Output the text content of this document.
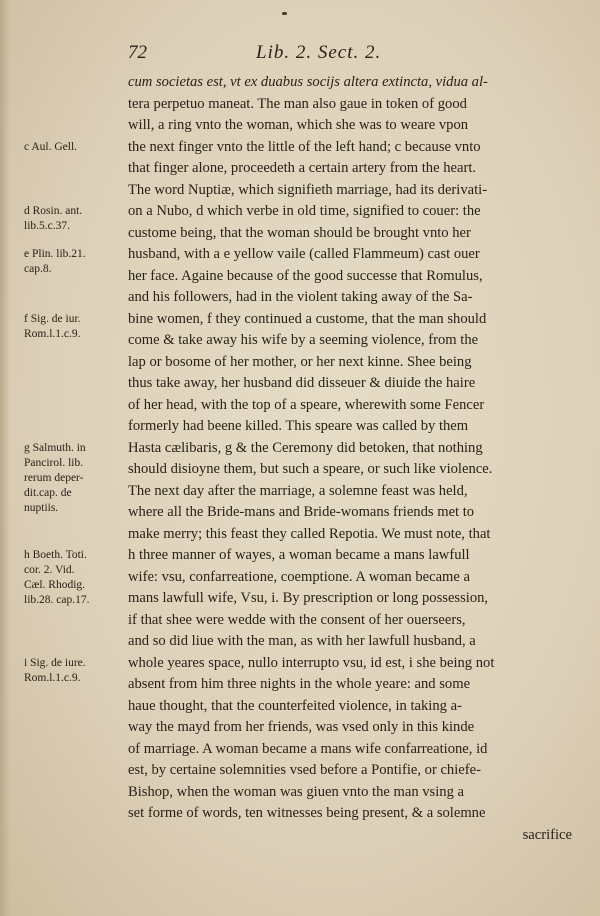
72	Lib. 2. Sect. 2.
c Aul. Gell.
d Rosin. ant.
lib.5.c.37.
e Plin. lib.21.
cap.8.
f Sig. de iur.
Rom.l.1.c.9.
g Salmuth. in
Pancirol. lib.
rerum deper-
dit.cap. de
nuptiis.
h Boeth. Toti.
cor. 2. Vid.
Cæl. Rhodig.
lib.28. cap.17.
i Sig. de iure.
Rom.l.1.c.9.
cum societas est, vt ex duabus socijs altera extincta, vidua al-
tera perpetuo maneat. The man also gaue in token of good
will, a ring vnto the woman, which she was to weare vpon
the next finger vnto the little of the left hand; c because vnto
that finger alone, proceedeth a certain artery from the heart.
The word Nuptiæ, which signifieth marriage, had its derivati-
on a Nubo, d which verbe in old time, signified to couer: the
custome being, that the woman should be brought vnto her
husband, with a e yellow vaile (called Flammeum) cast ouer
her face. Againe because of the good successe that Romulus,
and his followers, had in the violent taking away of the Sa-
bine women, f they continued a custome, that the man should
come & take away his wife by a seeming violence, from the
lap or bosome of her mother, or her next kinne. Shee being
thus take away, her husband did disseuer & diuide the haire
of her head, with the top of a speare, wherewith some Fencer
formerly had beene killed. This speare was called by them
Hasta cælibaris, g & the Ceremony did betoken, that nothing
should disioyne them, but such a speare, or such like violence.
The next day after the marriage, a solemne feast was held,
where all the Bride-mans and Bride-womans friends met to
make merry; this feast they called Repotia. We must note, that
h three manner of wayes, a woman became a mans lawfull
wife: vsu, confarreatione, coemptione. A woman became a
mans lawfull wife, Vsu, i. By prescription or long possession,
if that shee were wedde with the consent of her ouerseers,
and so did liue with the man, as with her lawfull husband, a
whole yeares space, nullo interrupto vsu, id est, i she being not
absent from him three nights in the whole yeare: and some
haue thought, that the counterfeited violence, in taking a-
way the mayd from her friends, was vsed only in this kinde
of marriage. A woman became a mans wife confarreatione, id
est, by certaine solemnities vsed before a Pontifie, or chiefe-
Bishop, when the woman was giuen vnto the man vsing a
set forme of words, ten witnesses being present, & a solemne
sacrifice
